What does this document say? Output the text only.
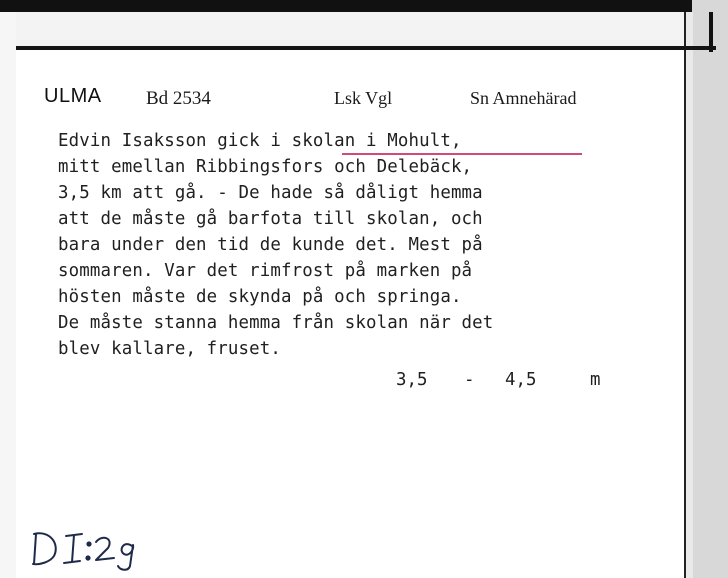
ULMA Bd 2534	Lsk Vgl	Sn Amnehärad
Edvin Isaksson gick i skolan i Mohult,
mitt emellan Ribbingsfors och Delebäck,
3,5 km att gå. - De hade så dåligt hemma
att de måste gå barfota till skolan, och
bara under den tid de kunde det. Mest på
sommaren. Var det rimfrost på marken på
hösten måste de skynda på och springa.
De måste stanna hemma från skolan när det
blev kallare, fruset.
3,5 - 4,5	m
